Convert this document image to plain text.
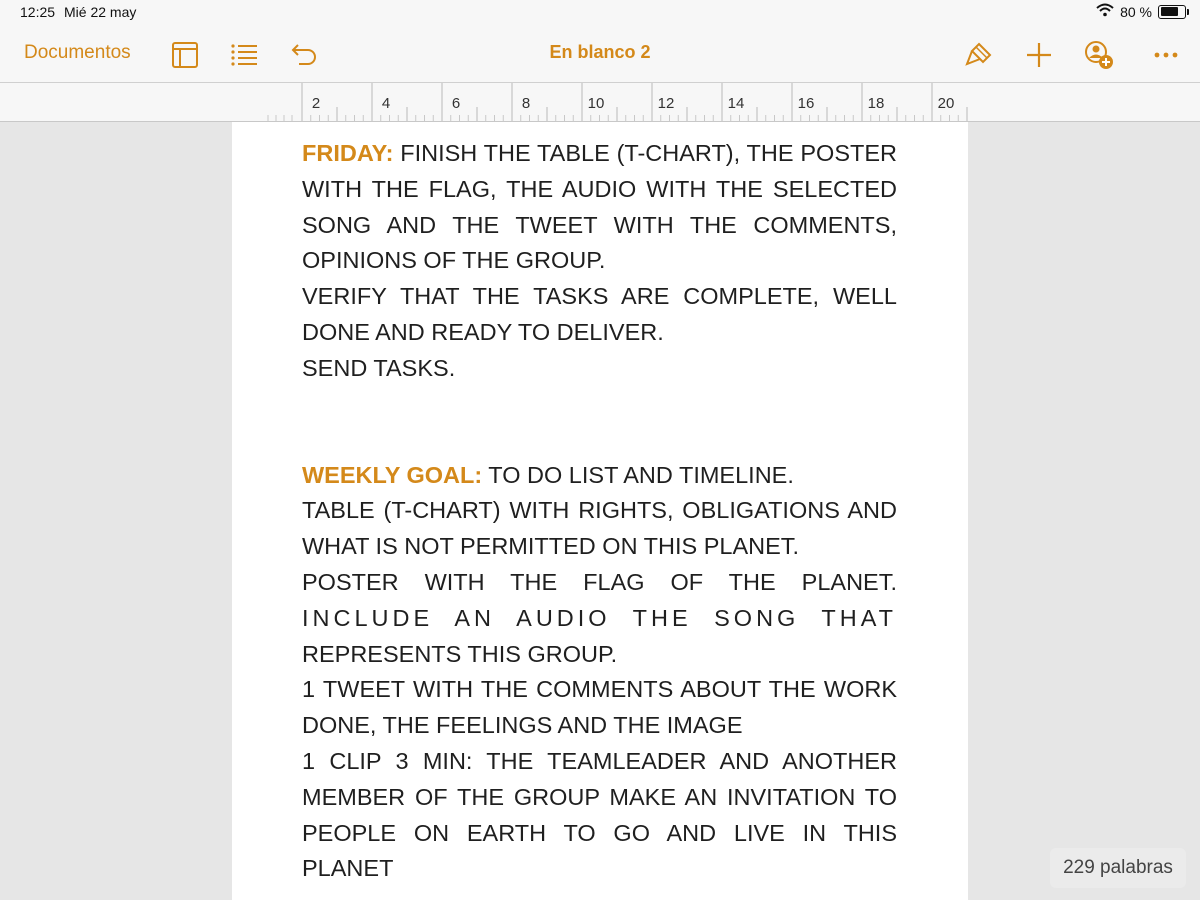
12:25 Mié 22 may	80 %
Documentos	En blanco 2
2	4	6	8	10	12	14	16	18	20

FRIDAY: FINISH THE TABLE (T-CHART), THE POSTER WITH THE FLAG, THE AUDIO WITH THE SELECTED SONG AND THE TWEET WITH THE COMMENTS, OPINIONS OF THE GROUP.

VERIFY THAT THE TASKS ARE COMPLETE, WELL DONE AND READY TO DELIVER.

SEND TASKS.

WEEKLY GOAL: TO DO LIST AND TIMELINE.

TABLE (T-CHART) WITH RIGHTS, OBLIGATIONS AND WHAT IS NOT PERMITTED ON THIS PLANET.

POSTER WITH THE FLAG OF THE PLANET.

INCLUDE AN AUDIO THE SONG THAT

REPRESENTS THIS GROUP.

1 TWEET WITH THE COMMENTS ABOUT THE WORK DONE, THE FEELINGS AND THE IMAGE

1 CLIP 3 MIN: THE TEAMLEADER AND ANOTHER MEMBER OF THE GROUP MAKE AN INVITATION TO PEOPLE ON EARTH TO GO AND LIVE IN THIS PLANET	229 palabras
